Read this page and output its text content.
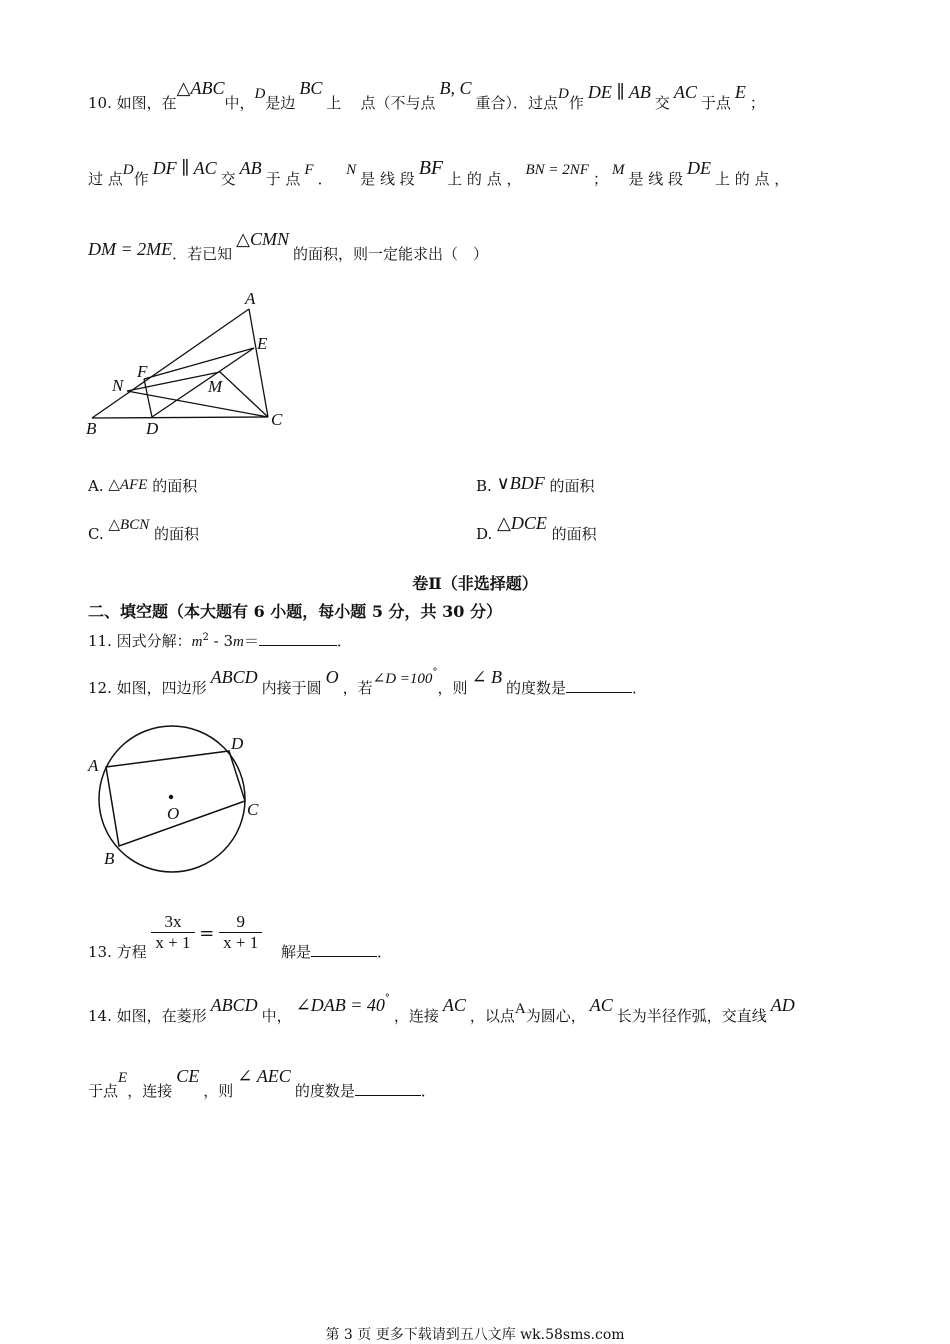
10. 如图，在△ABC中，D是边BC上 点（不与点B, C重合）．过点D作DE ∥ AB交AC于点E；
过 点D作DF ∥ AC交AB于 点 F ． N 是 线 段 BF 上 的 点 ， BN = 2NF ； M 是 线 段DE上 的 点 ，
DM = 2ME．若已知△CMN的面积，则一定能求出（　）
A
E
F
N	M
B	D	C
A. △AFE 的面积	B. ∨BDF 的面积
C. △BCN 的面积	D. △DCE 的面积
卷Ⅱ（非选择题）
二、填空题（本大题有 6 小题，每小题 5 分，共 30 分）
11. 因式分解：$m^2 - 3m=$	．
12. 如图，四边形ABCD内接于圆O，若∠D =100°，则∠ B的度数是	．
A
D
C
B
O
13. 方程 $\frac{3x}{x + 1} = \frac{9}{x + 1}$ 解是	．
14. 如图，在菱形ABCD中，∠DAB = 40°，连接AC，以点A为圆心，AC长为半径作弧，交直线AD
于点E，连接CE，则∠ AEC的度数是	．
第 3 页 更多下载请到五八文库 wk.58sms.com
